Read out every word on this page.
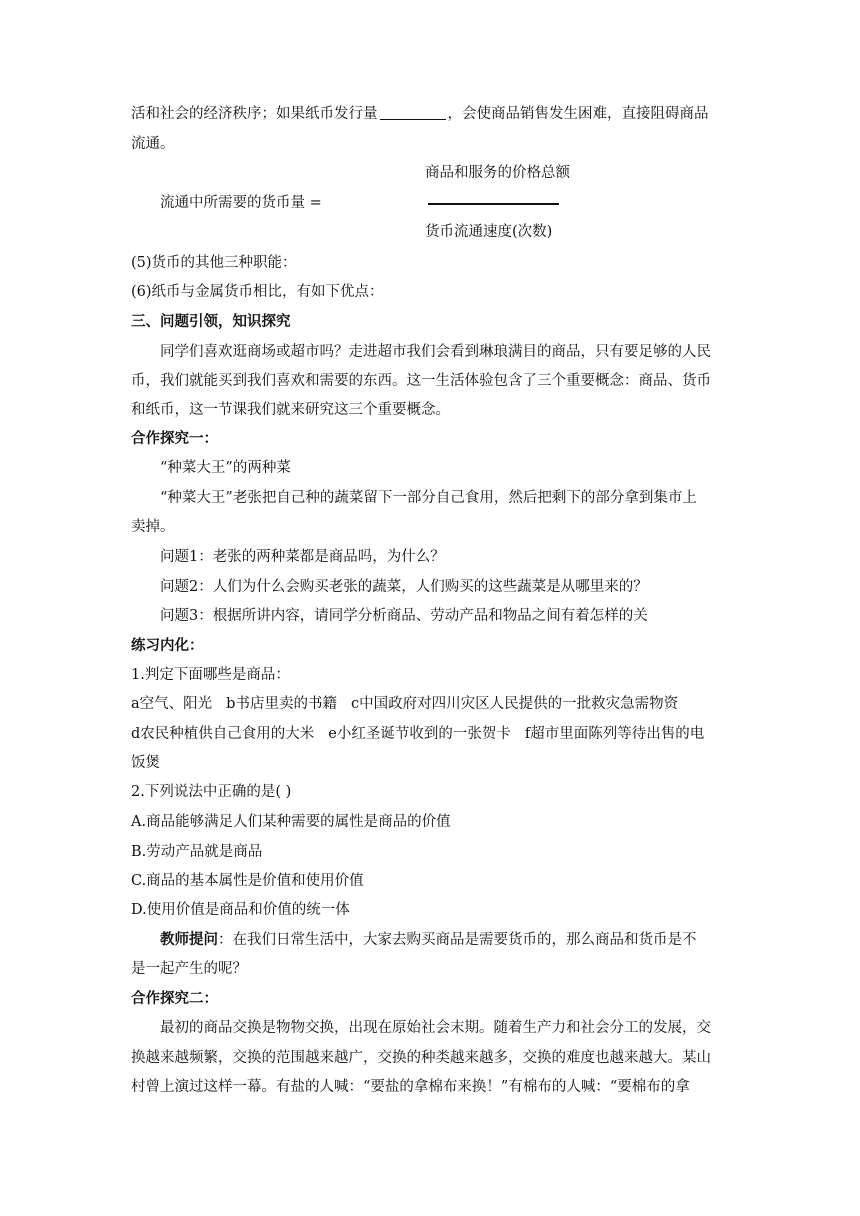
活和社会的经济秩序；如果纸币发行量	，会使商品销售发生困难，直接阻碍商品
流通。
商品和服务的价格总额
流通中所需要的货币量 =
货币流通速度(次数)
(5)货币的其他三种职能：
(6)纸币与金属货币相比，有如下优点：
三、问题引领，知识探究
同学们喜欢逛商场或超市吗？走进超市我们会看到琳琅满目的商品，只有要足够的人民
币，我们就能买到我们喜欢和需要的东西。这一生活体验包含了三个重要概念：商品、货币
和纸币，这一节课我们就来研究这三个重要概念。
合作探究一：
“种菜大王”的两种菜
“种菜大王”老张把自己种的蔬菜留下一部分自己食用，然后把剩下的部分拿到集市上
卖掉。
问题1：老张的两种菜都是商品吗，为什么？
问题2：人们为什么会购买老张的蔬菜，人们购买的这些蔬菜是从哪里来的？
问题3：根据所讲内容，请同学分析商品、劳动产品和物品之间有着怎样的关
练习内化：
1.判定下面哪些是商品：
a空气、阳光 b书店里卖的书籍 c中国政府对四川灾区人民提供的一批救灾急需物资
d农民种植供自己食用的大米 e小红圣诞节收到的一张贺卡 f超市里面陈列等待出售的电
饭煲
2.下列说法中正确的是( )
A.商品能够满足人们某种需要的属性是商品的价值
B.劳动产品就是商品
C.商品的基本属性是价值和使用价值
D.使用价值是商品和价值的统一体
教师提问：在我们日常生活中，大家去购买商品是需要货币的，那么商品和货币是不
是一起产生的呢？
合作探究二：
最初的商品交换是物物交换，出现在原始社会末期。随着生产力和社会分工的发展，交
换越来越频繁，交换的范围越来越广，交换的种类越来越多，交换的难度也越来越大。某山
村曾上演过这样一幕。有盐的人喊：“要盐的拿棉布来换！”有棉布的人喊：“要棉布的拿
